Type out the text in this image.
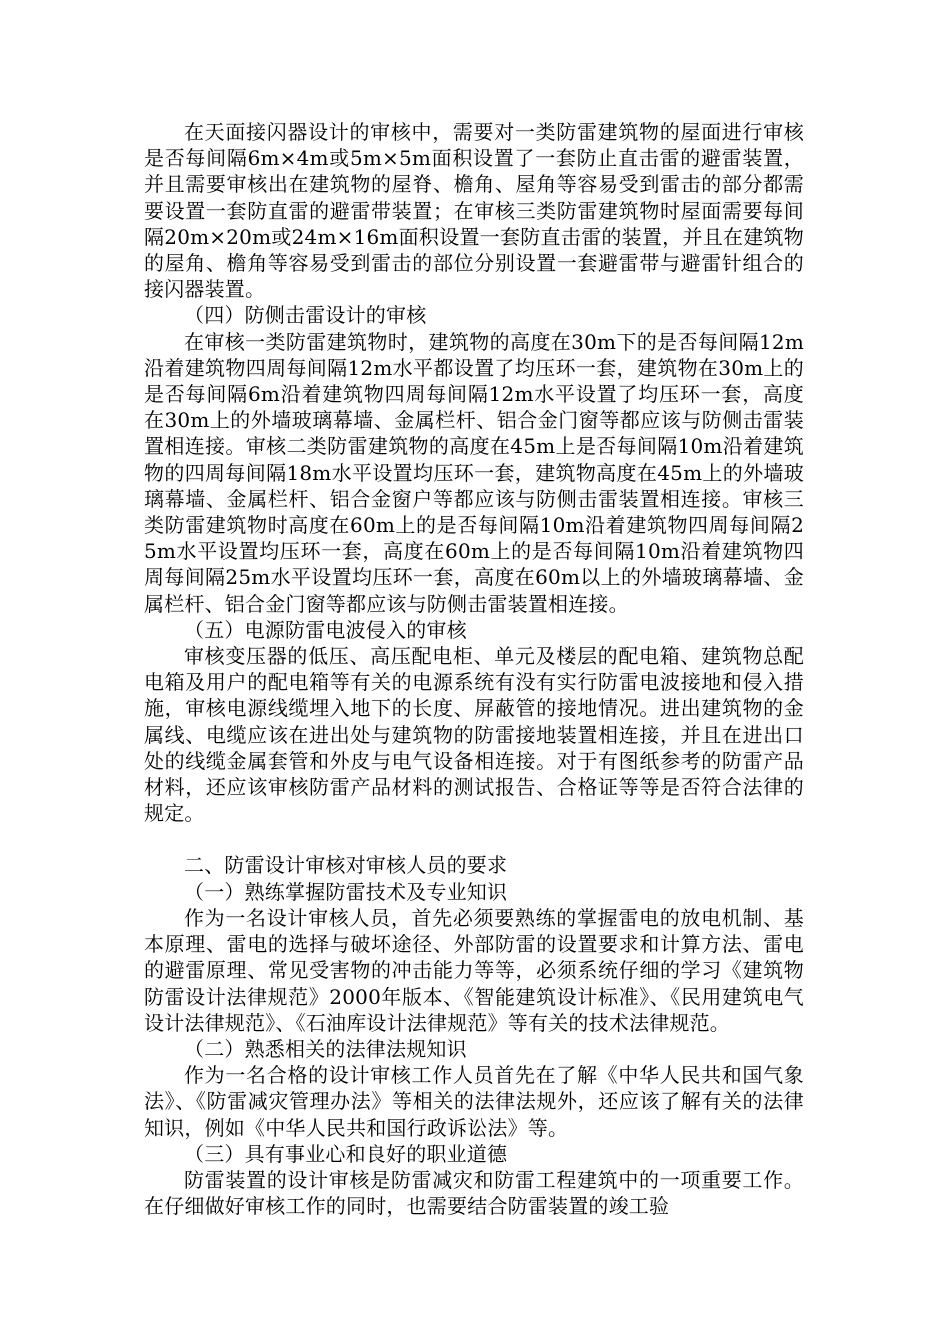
在天面接闪器设计的审核中，需要对一类防雷建筑物的屋面进行审核是否每间隔6m×4m或5m×5m面积设置了一套防止直击雷的避雷装置，并且需要审核出在建筑物的屋脊、檐角、屋角等容易受到雷击的部分都需要设置一套防直雷的避雷带装置；在审核三类防雷建筑物时屋面需要每间隔20m×20m或24m×16m面积设置一套防直击雷的装置，并且在建筑物的屋角、檐角等容易受到雷击的部位分别设置一套避雷带与避雷针组合的接闪器装置。

（四）防侧击雷设计的审核

在审核一类防雷建筑物时，建筑物的高度在30m下的是否每间隔12m沿着建筑物四周每间隔12m水平都设置了均压环一套，建筑物在30m上的是否每间隔6m沿着建筑物四周每间隔12m水平设置了均压环一套，高度在30m上的外墙玻璃幕墙、金属栏杆、铝合金门窗等都应该与防侧击雷装置相连接。审核二类防雷建筑物的高度在45m上是否每间隔10m沿着建筑物的四周每间隔18m水平设置均压环一套，建筑物高度在45m上的外墙玻璃幕墙、金属栏杆、铝合金窗户等都应该与防侧击雷装置相连接。审核三类防雷建筑物时高度在60m上的是否每间隔10m沿着建筑物四周每间隔25m水平设置均压环一套，高度在60m上的是否每间隔10m沿着建筑物四周每间隔25m水平设置均压环一套，高度在60m以上的外墙玻璃幕墙、金属栏杆、铝合金门窗等都应该与防侧击雷装置相连接。

（五）电源防雷电波侵入的审核

审核变压器的低压、高压配电柜、单元及楼层的配电箱、建筑物总配电箱及用户的配电箱等有关的电源系统有没有实行防雷电波接地和侵入措施，审核电源线缆埋入地下的长度、屏蔽管的接地情况。进出建筑物的金属线、电缆应该在进出处与建筑物的防雷接地装置相连接，并且在进出口处的线缆金属套管和外皮与电气设备相连接。对于有图纸参考的防雷产品材料，还应该审核防雷产品材料的测试报告、合格证等等是否符合法律的规定。

二、防雷设计审核对审核人员的要求

（一）熟练掌握防雷技术及专业知识

作为一名设计审核人员，首先必须要熟练的掌握雷电的放电机制、基本原理、雷电的选择与破坏途径、外部防雷的设置要求和计算方法、雷电的避雷原理、常见受害物的冲击能力等等，必须系统仔细的学习《建筑物防雷设计法律规范》2000年版本、《智能建筑设计标准》、《民用建筑电气设计法律规范》、《石油库设计法律规范》等有关的技术法律规范。

（二）熟悉相关的法律法规知识

作为一名合格的设计审核工作人员首先在了解《中华人民共和国气象法》、《防雷减灾管理办法》等相关的法律法规外，还应该了解有关的法律知识，例如《中华人民共和国行政诉讼法》等。

（三）具有事业心和良好的职业道德

防雷装置的设计审核是防雷减灾和防雷工程建筑中的一项重要工作。在仔细做好审核工作的同时，也需要结合防雷装置的竣工验
